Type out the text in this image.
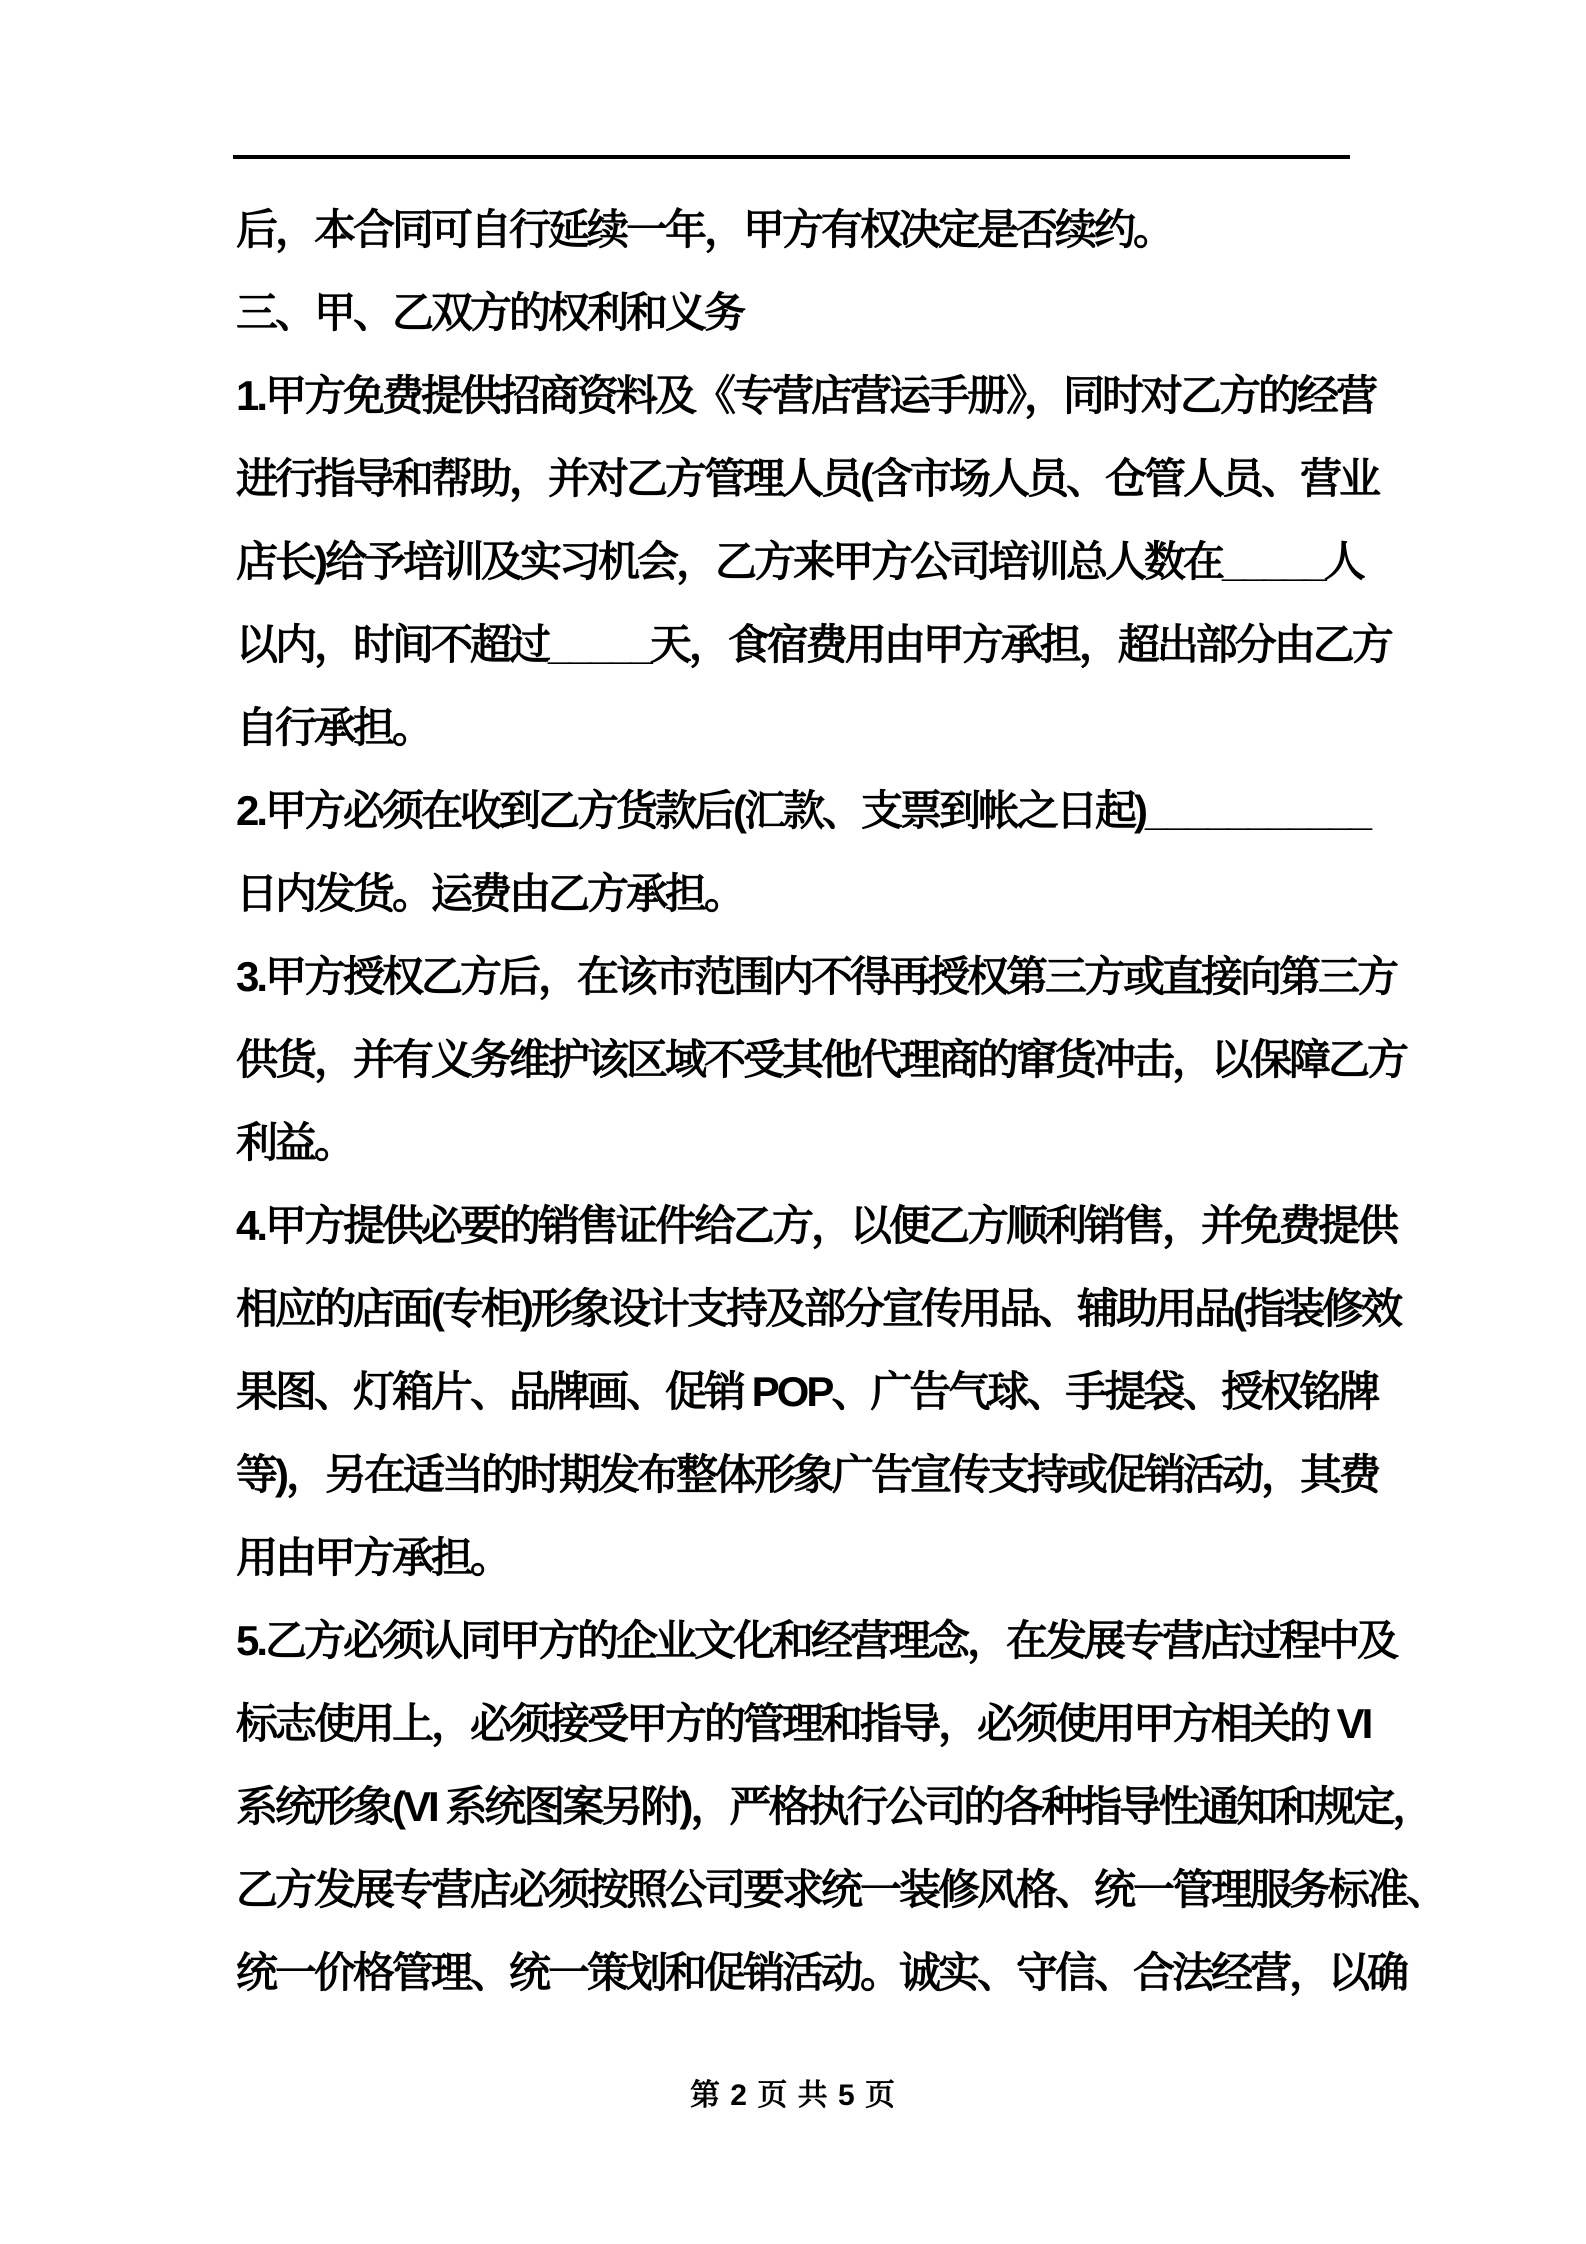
后，本合同可自行延续一年，甲方有权决定是否续约。
三、甲、乙双方的权利和义务
1.甲方免费提供招商资料及《专营店营运手册》，同时对乙方的经营
进行指导和帮助，并对乙方管理人员(含市场人员、仓管人员、营业
店长)给予培训及实习机会，乙方来甲方公司培训总人数在_____人
以内，时间不超过_____天，食宿费用由甲方承担，超出部分由乙方
自行承担。
2.甲方必须在收到乙方货款后(汇款、支票到帐之日起)___________
日内发货。运费由乙方承担。
3.甲方授权乙方后，在该市范围内不得再授权第三方或直接向第三方
供货，并有义务维护该区域不受其他代理商的窜货冲击，以保障乙方
利益。
4.甲方提供必要的销售证件给乙方，以便乙方顺利销售，并免费提供
相应的店面(专柜)形象设计支持及部分宣传用品、辅助用品(指装修效
果图、灯箱片、品牌画、促销 POP、广告气球、手提袋、授权铭牌
等)，另在适当的时期发布整体形象广告宣传支持或促销活动，其费
用由甲方承担。
5.乙方必须认同甲方的企业文化和经营理念，在发展专营店过程中及
标志使用上，必须接受甲方的管理和指导，必须使用甲方相关的 VI
系统形象(VI 系统图案另附)，严格执行公司的各种指导性通知和规定，
乙方发展专营店必须按照公司要求统一装修风格、统一管理服务标准、
统一价格管理、统一策划和促销活动。诚实、守信、合法经营，以确
第 2 页 共 5 页
